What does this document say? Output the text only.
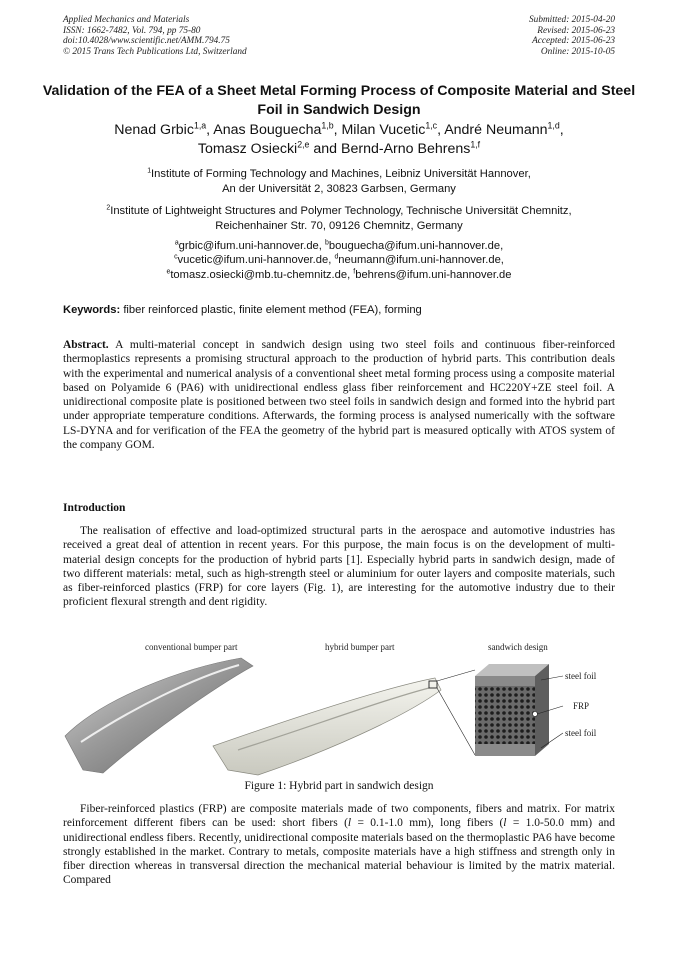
Applied Mechanics and Materials
ISSN: 1662-7482, Vol. 794, pp 75-80
doi:10.4028/www.scientific.net/AMM.794.75
© 2015 Trans Tech Publications Ltd, Switzerland
Submitted: 2015-04-20
Revised: 2015-06-23
Accepted: 2015-06-23
Online: 2015-10-05
Validation of the FEA of a Sheet Metal Forming Process of Composite Material and Steel Foil in Sandwich Design
Nenad Grbic$^{1,a}$, Anas Bouguecha$^{1,b}$, Milan Vucetic$^{1,c}$, André Neumann$^{1,d}$,
Tomasz Osiecki$^{2,e}$ and Bernd-Arno Behrens$^{1,f}$
$^1$Institute of Forming Technology and Machines, Leibniz Universität Hannover,
An der Universität 2, 30823 Garbsen, Germany
$^2$Institute of Lightweight Structures and Polymer Technology, Technische Universität Chemnitz,
Reichenhainer Str. 70, 09126 Chemnitz, Germany
$^a$grbic@ifum.uni-hannover.de, $^b$bouguecha@ifum.uni-hannover.de,
$^c$vucetic@ifum.uni-hannover.de, $^d$neumann@ifum.uni-hannover.de,
$^e$tomasz.osiecki@mb.tu-chemnitz.de, $^f$behrens@ifum.uni-hannover.de
Keywords: fiber reinforced plastic, finite element method (FEA), forming
Abstract. A multi-material concept in sandwich design using two steel foils and continuous fiber-reinforced thermoplastics represents a promising structural approach to the production of hybrid parts. This contribution deals with the experimental and numerical analysis of a conventional sheet metal forming process using a composite material based on Polyamide 6 (PA6) with unidirectional endless glass fiber reinforcement and HC220Y+ZE steel foil. A unidirectional composite plate is positioned between two steel foils in sandwich design and formed into the hybrid part under appropriate temperature conditions. Afterwards, the forming process is analysed numerically with the software LS-DYNA and for verification of the FEA the geometry of the hybrid part is measured optically with ATOS system of the company GOM.
Introduction
The realisation of effective and load-optimized structural parts in the aerospace and automotive industries has received a great deal of attention in recent years. For this purpose, the main focus is on the development of multi-material design concepts for the production of hybrid parts [1]. Especially hybrid parts in sandwich design, made of two different materials: metal, such as high-strength steel or aluminium for outer layers and composite materials, such as fiber-reinforced plastics (FRP) for core layers (Fig. 1), are interesting for the automotive industry due to their proficient flexural strength and dent rigidity.
conventional bumper part	hybrid bumper part	sandwich design
steel foil
FRP
steel foil
Figure 1: Hybrid part in sandwich design
Fiber-reinforced plastics (FRP) are composite materials made of two components, fibers and matrix. For matrix reinforcement different fibers can be used: short fibers (l = 0.1-1.0 mm), long fibers (l = 1.0-50.0 mm) and unidirectional endless fibers. Recently, unidirectional composite materials based on the thermoplastic PA6 have become strongly established in the market. Contrary to metals, composite materials have a high stiffness and strength only in fiber direction whereas in transversal direction the mechanical material behaviour is limited by the matrix material. Compared
